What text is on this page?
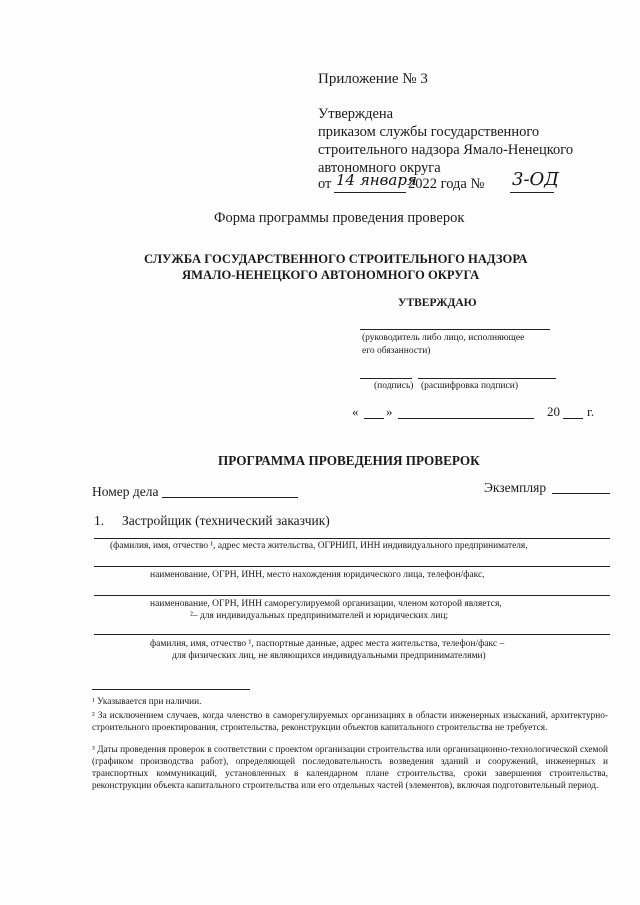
Приложение № 3
Утверждена
приказом службы государственного
строительного надзора Ямало-Ненецкого
автономного округа
от 14 января
2022 года № 3-ОД
Форма программы проведения проверок
СЛУЖБА ГОСУДАРСТВЕННОГО СТРОИТЕЛЬНОГО НАДЗОРА
ЯМАЛО-НЕНЕЦКОГО АВТОНОМНОГО ОКРУГА
УТВЕРЖДАЮ
(руководитель либо лицо, исполняющее
его обязанности)
(подпись) (расшифровка подписи)
« »	20 г.
ПРОГРАММА ПРОВЕДЕНИЯ ПРОВЕРОК
Номер дела	Экземпляр
1. Застройщик (технический заказчик)
(фамилия, имя, отчество ¹, адрес места жительства, ОГРНИП, ИНН индивидуального предпринимателя,
наименование, ОГРН, ИНН, место нахождения юридического лица, телефон/факс,
наименование, ОГРН, ИНН саморегулируемой организации, членом которой является,
²– для индивидуальных предпринимателей и юридических лиц;
фамилия, имя, отчество ¹, паспортные данные, адрес места жительства, телефон/факс –
для физических лиц, не являющихся индивидуальными предпринимателями)
¹ Указывается при наличии.
² За исключением случаев, когда членство в саморегулируемых организациях в области инженерных изысканий, архитектурно-строительного проектирования, строительства, реконструкции объектов капитального строительства не требуется.
³ Даты проведения проверок в соответствии с проектом организации строительства или организационно-технологической схемой (графиком производства работ), определяющей последовательность возведения зданий и сооружений, инженерных и транспортных коммуникаций, установленных в календарном плане строительства, сроки завершения строительства, реконструкции объекта капитального строительства или его отдельных частей (элементов), включая подготовительный период.
